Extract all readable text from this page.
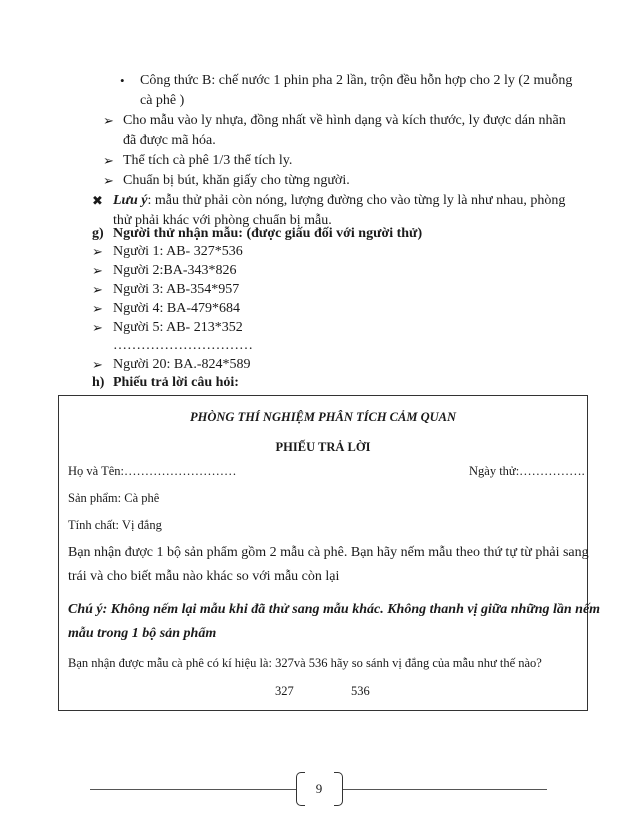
• Công thức B: chế nước 1 phin pha 2 lần, trộn đều hỗn hợp cho 2 ly (2 muỗng
cà phê )
➢ Cho mẫu vào ly nhựa, đồng nhất về hình dạng và kích thước, ly được dán nhãn
đã được mã hóa.
➢ Thể tích cà phê 1/3 thể tích ly.
➢ Chuẩn bị bút, khăn giấy cho từng người.
✖ Lưu ý: mẫu thử phải còn nóng, lượng đường cho vào từng ly là như nhau, phòng
thử phải khác với phòng chuẩn bị mẫu.
g) Người thử nhận mẫu: (được giấu đối với người thử)
➢ Người 1: AB- 327*536
➢ Người 2:BA-343*826
➢ Người 3: AB-354*957
➢ Người 4: BA-479*684
➢ Người 5: AB- 213*352
…………………………
➢ Người 20: BA.-824*589
h) Phiếu trả lời câu hỏi:
PHÒNG THÍ NGHIỆM PHÂN TÍCH CẢM QUAN
PHIẾU TRẢ LỜI
Họ và Tên:………………………	Ngày thử:…………….
Sản phẩm: Cà phê
Tính chất: Vị đắng
Bạn nhận được 1 bộ sản phẩm gồm 2 mẫu cà phê. Bạn hãy nếm mẫu theo thứ tự từ phải sang
trái và cho biết mẫu nào khác so với mẫu còn lại
Chú ý: Không nếm lại mẫu khi đã thử sang mẫu khác. Không thanh vị giữa những lần nếm
mẫu trong 1 bộ sản phẩm
Bạn nhận được mẫu cà phê có kí hiệu là: 327và 536 hãy so sánh vị đắng của mẫu như thế nào?
327	536
9
